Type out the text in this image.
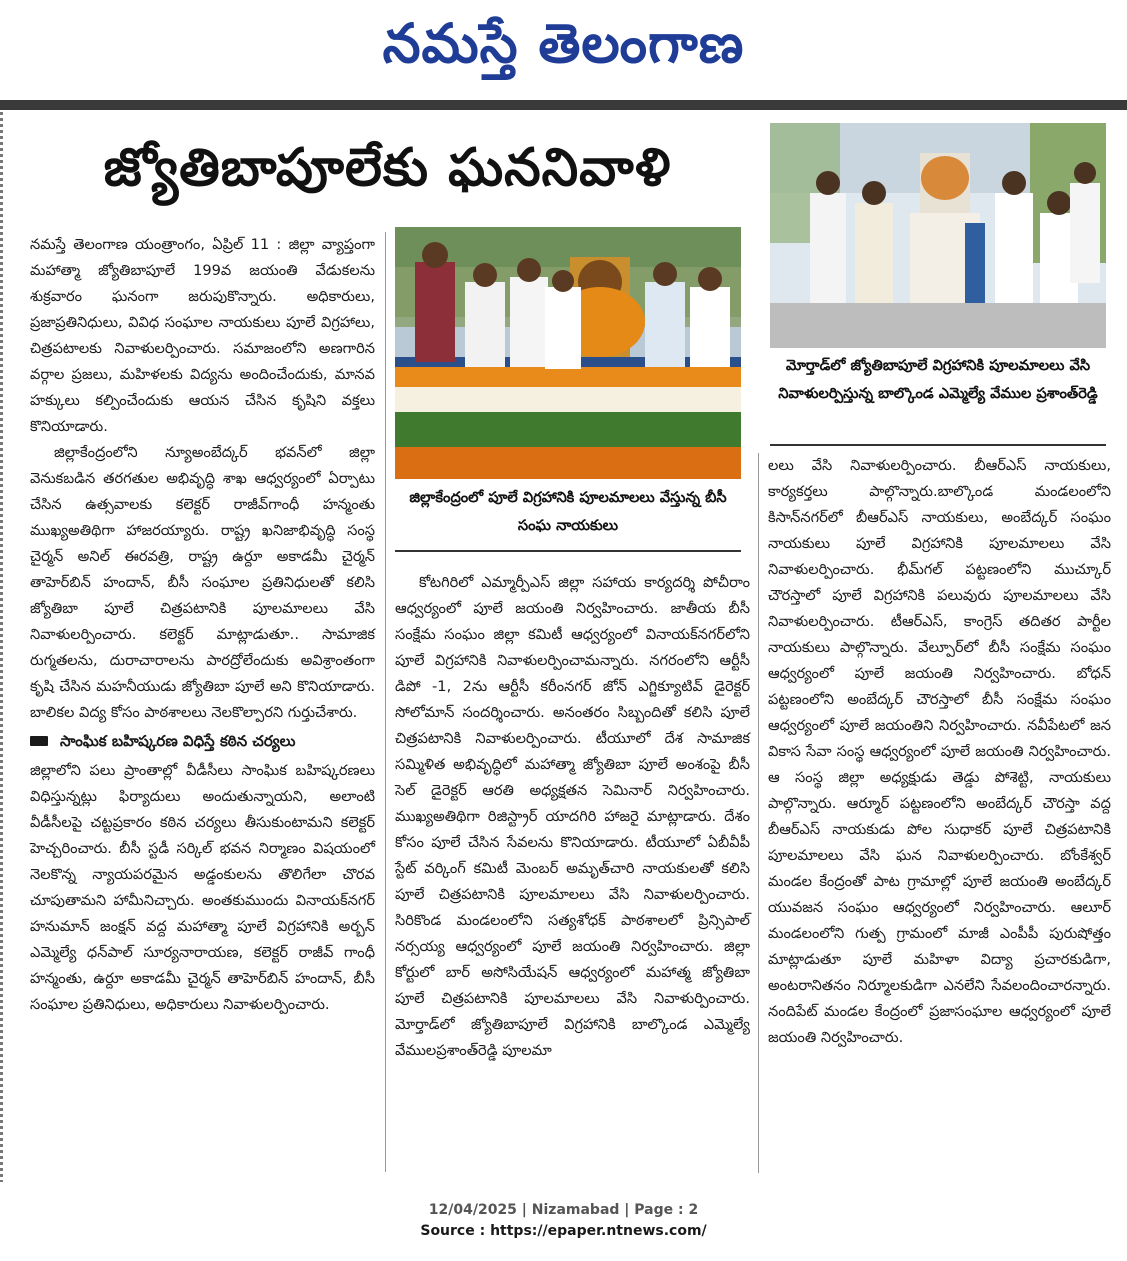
నమస్తే తెలంగాణ
జ్యోతిబాపూలేకు ఘననివాళి

నమస్తే తెలంగాణ యంత్రాంగం, ఏప్రిల్ 11 : జిల్లా వ్యాప్తంగా మహాత్మా జ్యోతిబాపూలే 199వ జయంతి వేడుకలను శుక్రవారం ఘనంగా జరుపుకొన్నారు. అధికారులు, ప్రజాప్రతినిధులు, వివిధ సంఘాల నాయకులు పూలే విగ్రహాలు, చిత్రపటాలకు నివాళులర్పించారు. సమాజంలోని అణగారిన వర్గాల ప్రజలు, మహిళలకు విద్యను అందించేందుకు, మానవ హక్కులు కల్పించేందుకు ఆయన చేసిన కృషిని వక్తలు కొనియాడారు.

జిల్లాకేంద్రంలోని న్యూఅంబేద్కర్ భవన్‌లో జిల్లా వెనుకబడిన తరగతుల అభివృద్ధి శాఖ ఆధ్వర్యంలో ఏర్పాటు చేసిన ఉత్సవాలకు కలెక్టర్ రాజీవ్‌గాంధీ హన్మంతు ముఖ్యఅతిథిగా హాజరయ్యారు. రాష్ట్ర ఖనిజాభివృద్ధి సంస్థ చైర్మన్ అనిల్ ఈరవత్రి, రాష్ట్ర ఉర్దూ అకాడమీ చైర్మన్ తాహెర్‌బిన్ హందాన్, బీసీ సంఘాల ప్రతినిధులతో కలిసి జ్యోతిబా పూలే చిత్రపటానికి పూలమాలలు వేసి నివాళులర్పించారు. కలెక్టర్ మాట్లాడుతూ.. సామాజిక రుగ్మతలను, దురాచారాలను పారద్రోలేందుకు అవిశ్రాంతంగా కృషి చేసిన మహనీయుడు జ్యోతిబా పూలే అని కొనియాడారు. బాలికల విద్య కోసం పాఠశాలలు నెలకొల్పారని గుర్తుచేశారు.

సాంఘిక బహిష్కరణ విధిస్తే కఠిన చర్యలు

జిల్లాలోని పలు ప్రాంతాల్లో వీడీసీలు సాంఘిక బహిష్కరణలు విధిస్తున్నట్లు ఫిర్యాదులు అందుతున్నాయని, అలాంటి వీడీసీలపై చట్టప్రకారం కఠిన చర్యలు తీసుకుంటామని కలెక్టర్ హెచ్చరించారు. బీసీ స్టడీ సర్కిల్ భవన నిర్మాణం విషయంలో నెలకొన్న న్యాయపరమైన అడ్డంకులను తొలిగేలా చొరవ చూపుతామని హామీనిచ్చారు. అంతకుముందు వినాయక్‌నగర్ హనుమాన్ జంక్షన్ వద్ద మహాత్మా పూలే విగ్రహానికి అర్బన్ ఎమ్మెల్యే ధన్‌పాల్ సూర్యనారాయణ, కలెక్టర్ రాజీవ్ గాంధీ హన్మంతు, ఉర్దూ అకాడమీ చైర్మన్ తాహెర్‌బిన్ హందాన్, బీసీ సంఘాల ప్రతినిధులు, అధికారులు నివాళులర్పించారు.

జిల్లాకేంద్రంలో పూలే విగ్రహానికి పూలమాలలు వేస్తున్న బీసీ సంఘ నాయకులు

కోటగిరిలో ఎమ్మార్పీఎస్ జిల్లా సహాయ కార్యదర్శి పోచీరాం ఆధ్వర్యంలో పూలే జయంతి నిర్వహించారు. జాతీయ బీసీ సంక్షేమ సంఘం జిల్లా కమిటీ ఆధ్వర్యంలో వినాయక్‌నగర్‌లోని పూలే విగ్రహానికి నివాళులర్పించామన్నారు. నగరంలోని ఆర్టీసీ డిపో -1, 2ను ఆర్టీసీ కరీంనగర్ జోన్ ఎగ్జిక్యూటివ్ డైరెక్టర్ సోలోమాన్ సందర్శించారు. అనంతరం సిబ్బందితో కలిసి పూలే చిత్రపటానికి నివాళులర్పించారు. టీయూలో దేశ సామాజిక సమ్మిళిత అభివృద్ధిలో మహాత్మా జ్యోతిబా పూలే అంశంపై బీసీ సెల్ డైరెక్టర్ ఆరతి అధ్యక్షతన సెమినార్ నిర్వహించారు. ముఖ్యఅతిథిగా రిజిస్ట్రార్ యాదగిరి హాజరై మాట్లాడారు. దేశం కోసం పూలే చేసిన సేవలను కొనియాడారు. టీయూలో ఏబీవీపీ స్టేట్ వర్కింగ్ కమిటీ మెంబర్ అమృత్‌చారి నాయకులతో కలిసి పూలే చిత్రపటానికి పూలమాలలు వేసి నివాళులర్పించారు. సిరికొండ మండలంలోని సత్యశోధక్ పాఠశాలలో ప్రిన్సిపాల్ నర్సయ్య ఆధ్వర్యంలో పూలే జయంతి నిర్వహించారు. జిల్లా కోర్టులో బార్ అసోసియేషన్ ఆధ్వర్యంలో మహాత్మ జ్యోతిబా పూలే చిత్రపటానికి పూలమాలలు వేసి నివాళుర్పించారు. మోర్తాడ్‌లో జ్యోతిబాపూలే విగ్రహానికి బాల్కొండ ఎమ్మెల్యే వేములప్రశాంత్‌రెడ్డి పూలమా

మోర్తాడ్‌లో జ్యోతిబాపూలే విగ్రహానికి పూలమాలలు వేసి నివాళులర్పిస్తున్న బాల్కొండ ఎమ్మెల్యే వేముల ప్రశాంత్‌రెడ్డి

లలు వేసి నివాళులర్పించారు. బీఆర్ఎస్ నాయకులు, కార్యకర్తలు పాల్గొన్నారు.బాల్కొండ మండలంలోని కిసాన్‌నగర్‌లో బీఆర్ఎస్ నాయకులు, అంబేద్కర్ సంఘం నాయకులు పూలే విగ్రహానికి పూలమాలలు వేసి నివాళులర్పించారు. భీమ్‌గల్ పట్టణంలోని ముచ్కూర్ చౌరస్తాలో పూలే విగ్రహానికి పలువురు పూలమాలలు వేసి నివాళులర్పించారు. టీఆర్ఎస్, కాంగ్రెస్ తదితర పార్టీల నాయకులు పాల్గొన్నారు. వేల్పూర్‌లో బీసీ సంక్షేమ సంఘం ఆధ్వర్యంలో పూలే జయంతి నిర్వహించారు. బోధన్ పట్టణంలోని అంబేద్కర్ చౌరస్తాలో బీసీ సంక్షేమ సంఘం ఆధ్వర్యంలో పూలే జయంతిని నిర్వహించారు. నవీపేటలో జన వికాస సేవా సంస్థ ఆధ్వర్యంలో పూలే జయంతి నిర్వహించారు. ఆ సంస్థ జిల్లా అధ్యక్షుడు తెడ్డు పోశెట్టి, నాయకులు పాల్గొన్నారు. ఆర్మూర్ పట్టణంలోని అంబేద్కర్ చౌరస్తా వద్ద బీఆర్ఎస్ నాయకుడు పోల సుధాకర్ పూలే చిత్రపటానికి పూలమాలలు వేసి ఘన నివాళులర్పించారు. బోంకేశ్వర్ మండల కేంద్రంతో పాట గ్రామాల్లో పూలే జయంతి అంబేద్కర్ యువజన సంఘం ఆధ్వర్యంలో నిర్వహించారు. ఆలూర్ మండలంలోని గుత్ప గ్రామంలో మాజీ ఎంపీపీ పురుషోత్తం మాట్లాడుతూ పూలే మహిళా విద్యా ప్రచారకుడిగా, అంటరానితనం నిర్మూలకుడిగా ఎనలేని సేవలందించారన్నారు. నందిపేట్ మండల కేంద్రంలో ప్రజాసంఘాల ఆధ్వర్యంలో పూలే జయంతి నిర్వహించారు.

12/04/2025 | Nizamabad | Page : 2
Source : https://epaper.ntnews.com/
